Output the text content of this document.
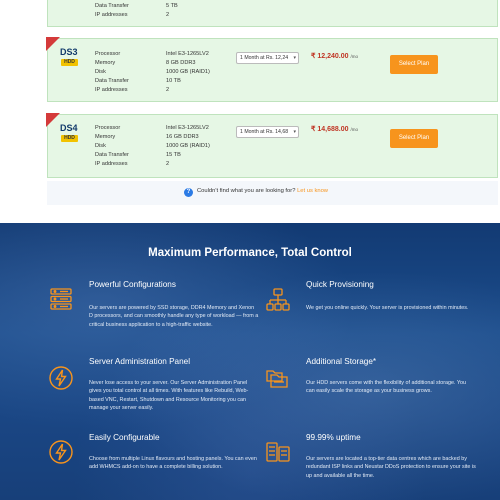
Data Transfer	5 TB
IP addresses	2
DS3
HDD
Processor	Intel E3-1265LV2
Memory	8 GB DDR3
Disk	1000 GB (RAID1)
Data Transfer	10 TB
IP addresses	2
1 Month at Rs. 12,24 ▾ ₹ 12,240.00 /mo
Select Plan
DS4
HDD
Processor	Intel E3-1265LV2
Memory	16 GB DDR3
Disk	1000 GB (RAID1)
Data Transfer	15 TB
IP addresses	2
1 Month at Rs. 14,68 ▾ ₹ 14,688.00 /mo
Select Plan
?	Couldn't find what you are looking for? Let us know
Maximum Performance, Total Control
Powerful Configurations

Our servers are powered by SSD storage, DDR4 Memory and Xenon D processors, and can smoothly handle any type of workload — from a critical business application to a high-traffic website.

Quick Provisioning

We get you online quickly. Your server is provisioned within minutes.

Server Administration Panel

Never lose access to your server. Our Server Administration Panel gives you total control at all times. With features like Rebuild, Web-based VNC, Restart, Shutdown and Resource Monitoring you can manage your server easily.

Additional Storage*

Our HDD servers come with the flexibility of additional storage. You can easily scale the storage as your business grows.

Easily Configurable

Choose from multiple Linux flavours and hosting panels. You can even add WHMCS add-on to have a complete billing solution.

99.99% uptime

Our servers are located a top-tier data centres which are backed by redundant ISP links and Neustar DDoS protection to ensure your site is up and available all the time.
